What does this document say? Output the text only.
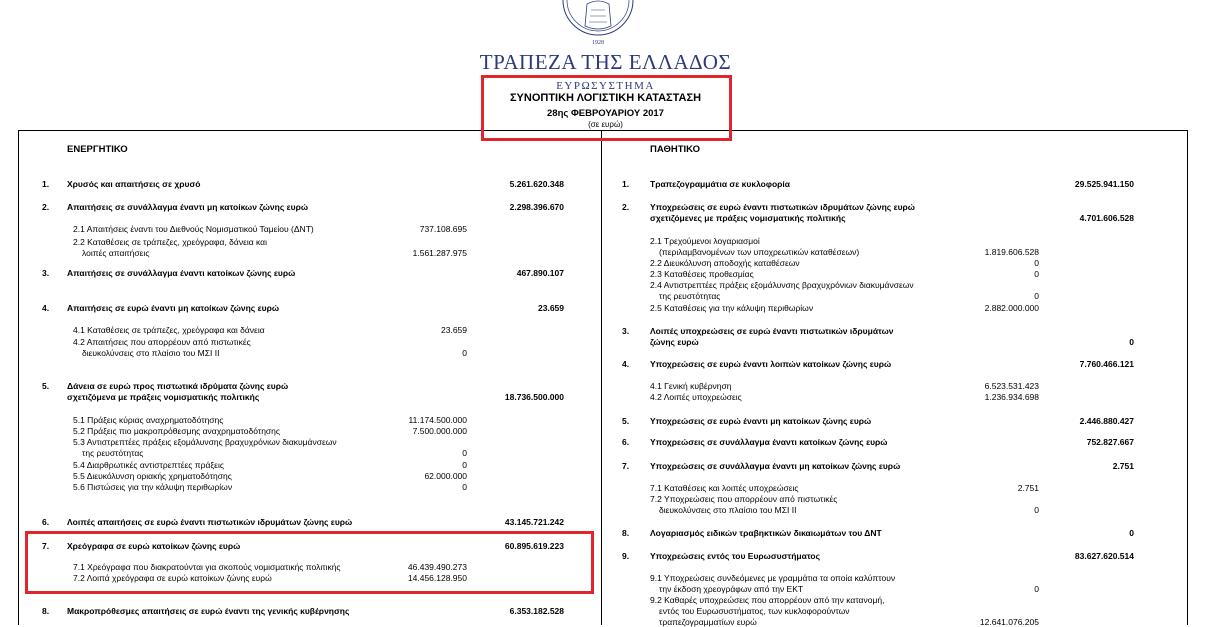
1928
ΤΡΑΠΕΖΑ ΤΗΣ ΕΛΛΑΔΟΣ
ΕΥΡΩΣΥΣΤΗΜΑ
ΣΥΝΟΠΤΙΚΗ ΛΟΓΙΣΤΙΚΗ ΚΑΤΑΣΤΑΣΗ
28ης ΦΕΒΡΟΥΑΡΙΟΥ 2017
(σε ευρώ)
ΕΝΕΡΓΗΤΙΚΟ
1. Χρυσός και απαιτήσεις σε χρυσό	5.261.620.348
2. Απαιτήσεις σε συνάλλαγμα έναντι μη κατοίκων ζώνης ευρώ	2.298.396.670
2.1 Απαιτήσεις έναντι του Διεθνούς Νομισματικού Ταμείου (ΔΝΤ)	737.108.695
2.2 Καταθέσεις σε τράπεζες, χρεόγραφα, δάνεια και
λοιπές απαιτήσεις	1.561.287.975
3. Απαιτήσεις σε συνάλλαγμα έναντι κατοίκων ζώνης ευρώ	467.890.107
4. Απαιτήσεις σε ευρώ έναντι μη κατοίκων ζώνης ευρώ	23.659
4.1 Καταθέσεις σε τράπεζες, χρεόγραφα και δάνεια	23.659
4.2 Απαιτήσεις που απορρέουν από πιστωτικές
διευκολύνσεις στο πλαίσιο του ΜΣΙ ΙΙ	0
5. Δάνεια σε ευρώ προς πιστωτικά ιδρύματα ζώνης ευρώ
σχετιζόμενα με πράξεις νομισματικής πολιτικής	18.736.500.000
5.1 Πράξεις κύριας αναχρηματοδότησης	11.174.500.000
5.2 Πράξεις πιο μακροπρόθεσμης αναχρηματοδότησης	7.500.000.000
5.3 Αντιστρεπτέες πράξεις εξομάλυνσης βραχυχρόνιων διακυμάνσεων
της ρευστότητας	0
5.4 Διαρθρωτικές αντιστρεπτέες πράξεις	0
5.5 Διευκόλυνση οριακής χρηματοδότησης	62.000.000
5.6 Πιστώσεις για την κάλυψη περιθωρίων	0
6. Λοιπές απαιτήσεις σε ευρώ έναντι πιστωτικών ιδρυμάτων ζώνης ευρώ	43.145.721.242
7. Χρεόγραφα σε ευρώ κατοίκων ζώνης ευρώ	60.895.619.223
7.1 Χρεόγραφα που διακρατούνται για σκοπούς νομισματικής πολιτικής	46.439.490.273
7.2 Λοιπά χρεόγραφα σε ευρώ κατοίκων ζώνης ευρώ	14.456.128.950
8. Μακροπρόθεσμες απαιτήσεις σε ευρώ έναντι της γενικής κυβέρνησης	6.353.182.528
ΠΑΘΗΤΙΚΟ
1. Τραπεζογραμμάτια σε κυκλοφορία	29.525.941.150
2. Υποχρεώσεις σε ευρώ έναντι πιστωτικών ιδρυμάτων ζώνης ευρώ
σχετιζόμενες με πράξεις νομισματικής πολιτικής	4.701.606.528
2.1 Τρεχούμενοι λογαριασμοί
(περιλαμβανομένων των υποχρεωτικών καταθέσεων)	1.819.606.528
2.2 Διευκόλυνση αποδοχής καταθέσεων	0
2.3 Καταθέσεις προθεσμίας	0
2.4 Αντιστρεπτέες πράξεις εξομάλυνσης βραχυχρόνιων διακυμάνσεων
της ρευστότητας	0
2.5 Καταθέσεις για την κάλυψη περιθωρίων	2.882.000.000
3. Λοιπές υποχρεώσεις σε ευρώ έναντι πιστωτικών ιδρυμάτων
ζώνης ευρώ	0
4. Υποχρεώσεις σε ευρώ έναντι λοιπών κατοίκων ζώνης ευρώ	7.760.466.121
4.1 Γενική κυβέρνηση	6.523.531.423
4.2 Λοιπές υποχρεώσεις	1.236.934.698
5. Υποχρεώσεις σε ευρώ έναντι μη κατοίκων ζώνης ευρώ	2.446.880.427
6. Υποχρεώσεις σε συνάλλαγμα έναντι κατοίκων ζώνης ευρώ	752.827.667
7. Υποχρεώσεις σε συνάλλαγμα έναντι μη κατοίκων ζώνης ευρώ	2.751
7.1 Καταθέσεις και λοιπές υποχρεώσεις	2.751
7.2 Υποχρεώσεις που απορρέουν από πιστωτικές
διευκολύνσεις στο πλαίσιο του ΜΣΙ ΙΙ	0
8. Λογαριασμός ειδικών τραβηκτικών δικαιωμάτων του ΔΝΤ	0
9. Υποχρεώσεις εντός του Ευρωσυστήματος	83.627.620.514
9.1 Υποχρεώσεις συνδεόμενες με γραμμάτια τα οποία καλύπτουν
την έκδοση χρεογράφων από την ΕΚΤ	0
9.2 Καθαρές υποχρεώσεις που απορρέουν από την κατανομή,
εντός του Ευρωσυστήματος, των κυκλοφορούντων
τραπεζογραμματίων ευρώ	12.641.076.205
